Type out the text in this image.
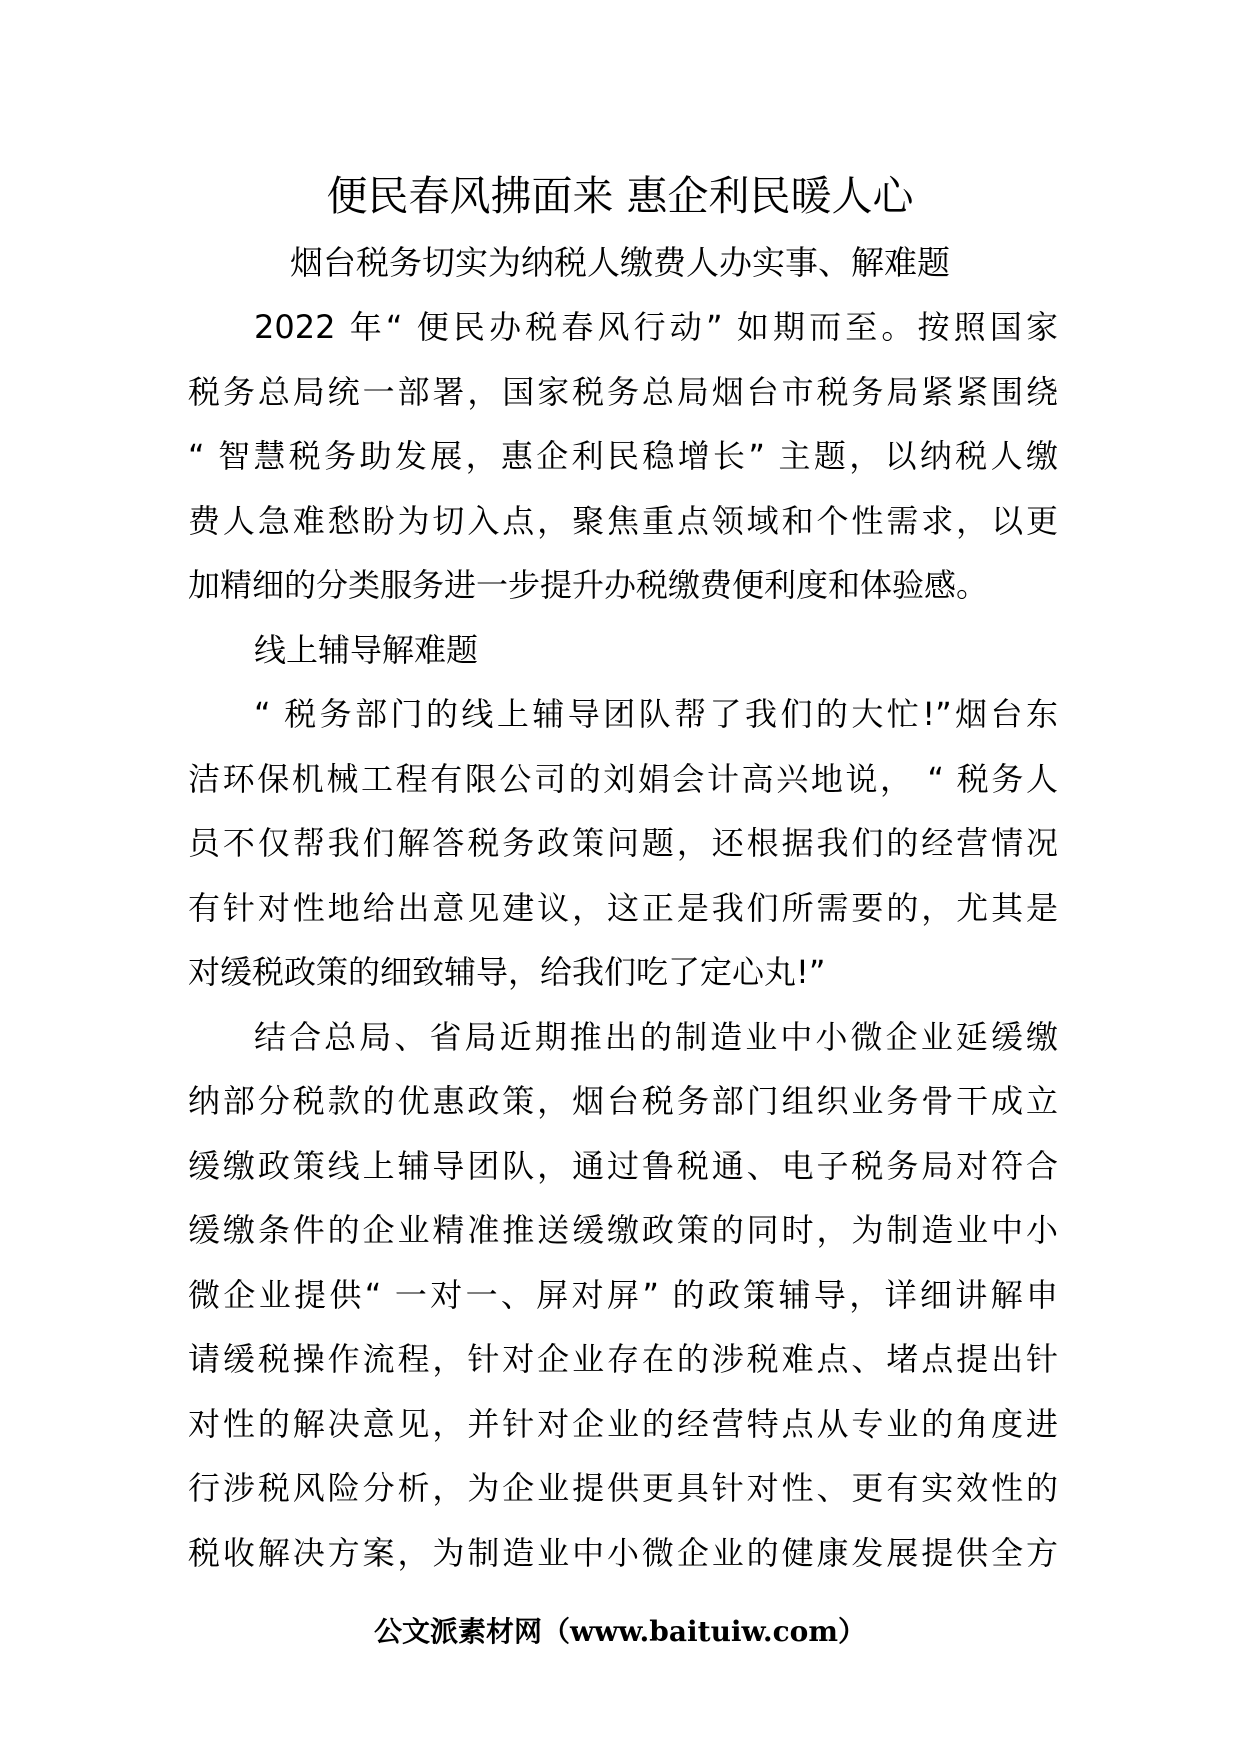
便民春风拂面来 惠企利民暖人心
烟台税务切实为纳税人缴费人办实事、解难题
2022 年“ 便民办税春风行动” 如期而至。按照国家
税务总局统一部署，国家税务总局烟台市税务局紧紧围绕
“ 智慧税务助发展，惠企利民稳增长” 主题，以纳税人缴
费人急难愁盼为切入点，聚焦重点领域和个性需求，以更
加精细的分类服务进一步提升办税缴费便利度和体验感。
线上辅导解难题
“ 税务部门的线上辅导团队帮了我们的大忙!”烟台东
洁环保机械工程有限公司的刘娟会计高兴地说， “ 税务人
员不仅帮我们解答税务政策问题，还根据我们的经营情况
有针对性地给出意见建议，这正是我们所需要的，尤其是
对缓税政策的细致辅导，给我们吃了定心丸!”
结合总局、省局近期推出的制造业中小微企业延缓缴
纳部分税款的优惠政策，烟台税务部门组织业务骨干成立
缓缴政策线上辅导团队，通过鲁税通、电子税务局对符合
缓缴条件的企业精准推送缓缴政策的同时，为制造业中小
微企业提供“ 一对一、屏对屏” 的政策辅导，详细讲解申
请缓税操作流程，针对企业存在的涉税难点、堵点提出针
对性的解决意见，并针对企业的经营特点从专业的角度进
行涉税风险分析，为企业提供更具针对性、更有实效性的
税收解决方案，为制造业中小微企业的健康发展提供全方
公文派素材网（www.baituiw.com）
